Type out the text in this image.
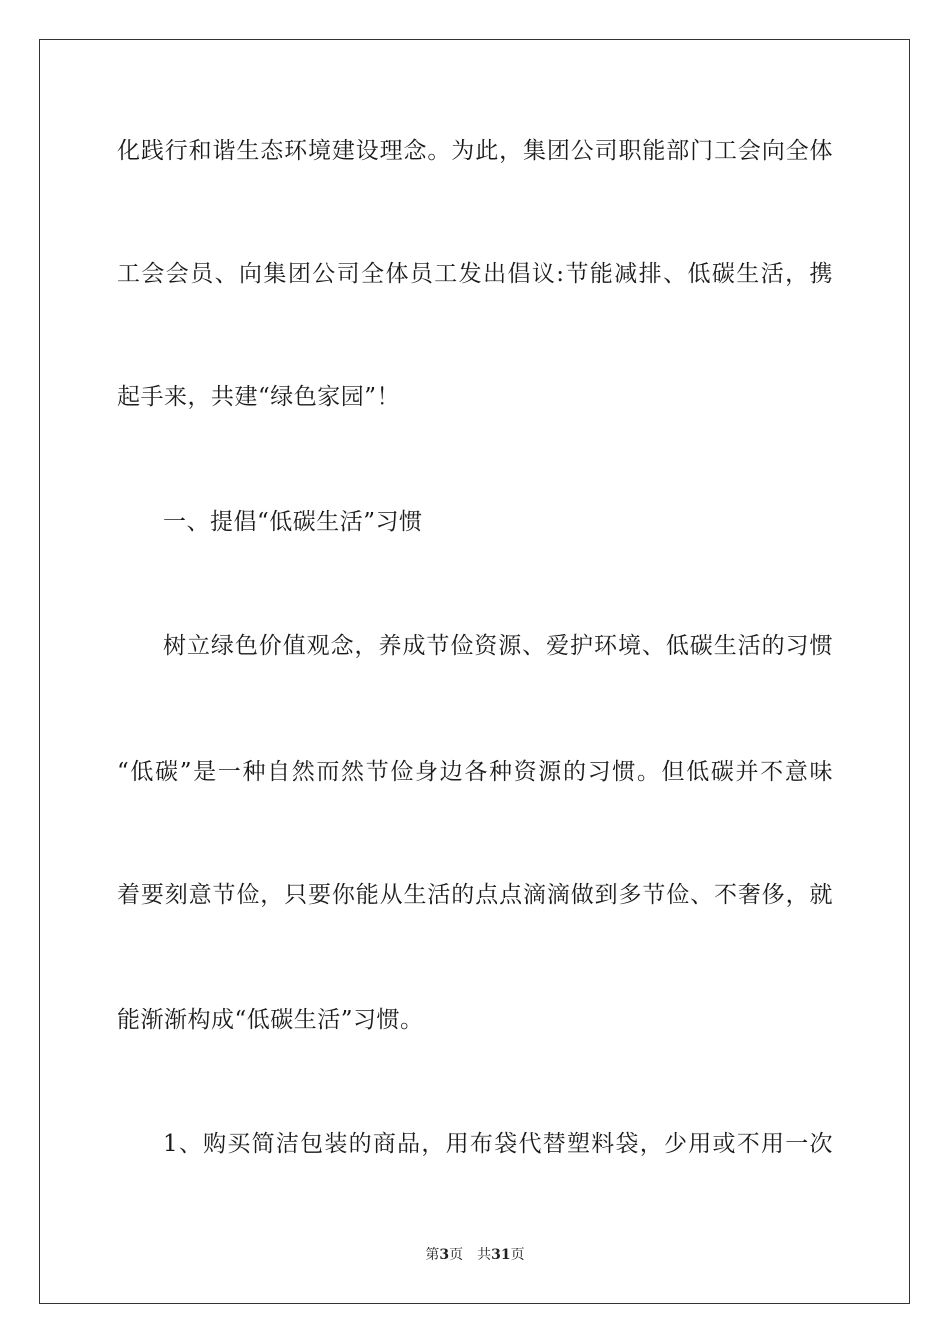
化践行和谐生态环境建设理念。为此，集团公司职能部门工会向全体
工会会员、向集团公司全体员工发出倡议:节能减排、低碳生活，携
起手来，共建“绿色家园”！
一、提倡“低碳生活”习惯
树立绿色价值观念，养成节俭资源、爱护环境、低碳生活的习惯
“低碳”是一种自然而然节俭身边各种资源的习惯。但低碳并不意味
着要刻意节俭，只要你能从生活的点点滴滴做到多节俭、不奢侈，就
能渐渐构成“低碳生活”习惯。
1、购买简洁包装的商品，用布袋代替塑料袋，少用或不用一次
第3页 共31页
